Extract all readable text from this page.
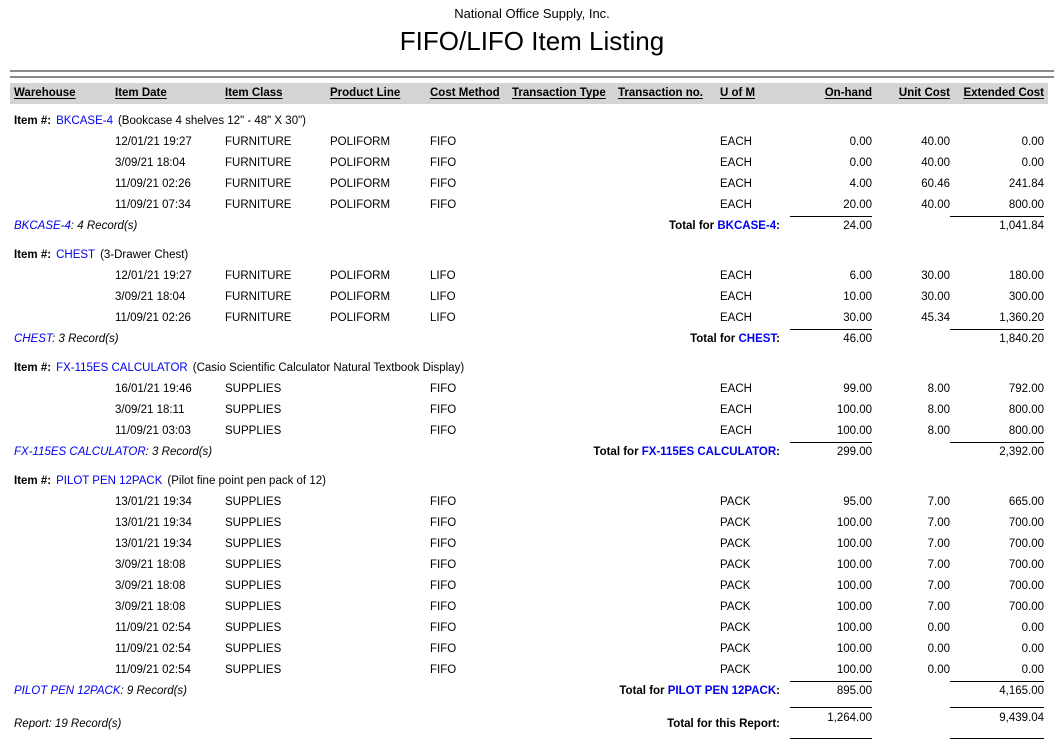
National Office Supply, Inc.
FIFO/LIFO Item Listing
Warehouse	Item Date	Item Class	Product Line	Cost Method	Transaction Type	Transaction no.	U of M	On-hand	Unit Cost	Extended Cost
Item #: BKCASE-4 (Bookcase 4 shelves 12" - 48" X 30")
12/01/21 19:27	FURNITURE	POLIFORM	FIFO	EACH	0.00	40.00	0.00
3/09/21 18:04	FURNITURE	POLIFORM	FIFO	EACH	0.00	40.00	0.00
11/09/21 02:26	FURNITURE	POLIFORM	FIFO	EACH	4.00	60.46	241.84
11/09/21 07:34	FURNITURE	POLIFORM	FIFO	EACH	20.00	40.00	800.00
BKCASE-4: 4 Record(s)	Total for BKCASE-4:	24.00	1,041.84
Item #: CHEST (3-Drawer Chest)
12/01/21 19:27	FURNITURE	POLIFORM	LIFO	EACH	6.00	30.00	180.00
3/09/21 18:04	FURNITURE	POLIFORM	LIFO	EACH	10.00	30.00	300.00
11/09/21 02:26	FURNITURE	POLIFORM	LIFO	EACH	30.00	45.34	1,360.20
CHEST: 3 Record(s)	Total for CHEST:	46.00	1,840.20
Item #: FX-115ES CALCULATOR (Casio Scientific Calculator Natural Textbook Display)
16/01/21 19:46	SUPPLIES	FIFO	EACH	99.00	8.00	792.00
3/09/21 18:11	SUPPLIES	FIFO	EACH	100.00	8.00	800.00
11/09/21 03:03	SUPPLIES	FIFO	EACH	100.00	8.00	800.00
FX-115ES CALCULATOR: 3 Record(s)	Total for FX-115ES CALCULATOR:	299.00	2,392.00
Item #: PILOT PEN 12PACK (Pilot fine point pen pack of 12)
13/01/21 19:34	SUPPLIES	FIFO	PACK	95.00	7.00	665.00
13/01/21 19:34	SUPPLIES	FIFO	PACK	100.00	7.00	700.00
13/01/21 19:34	SUPPLIES	FIFO	PACK	100.00	7.00	700.00
3/09/21 18:08	SUPPLIES	FIFO	PACK	100.00	7.00	700.00
3/09/21 18:08	SUPPLIES	FIFO	PACK	100.00	7.00	700.00
3/09/21 18:08	SUPPLIES	FIFO	PACK	100.00	7.00	700.00
11/09/21 02:54	SUPPLIES	FIFO	PACK	100.00	0.00	0.00
11/09/21 02:54	SUPPLIES	FIFO	PACK	100.00	0.00	0.00
11/09/21 02:54	SUPPLIES	FIFO	PACK	100.00	0.00	0.00
PILOT PEN 12PACK: 9 Record(s)	Total for PILOT PEN 12PACK:	895.00	4,165.00
Report: 19 Record(s)	Total for this Report:	1,264.00	9,439.04
